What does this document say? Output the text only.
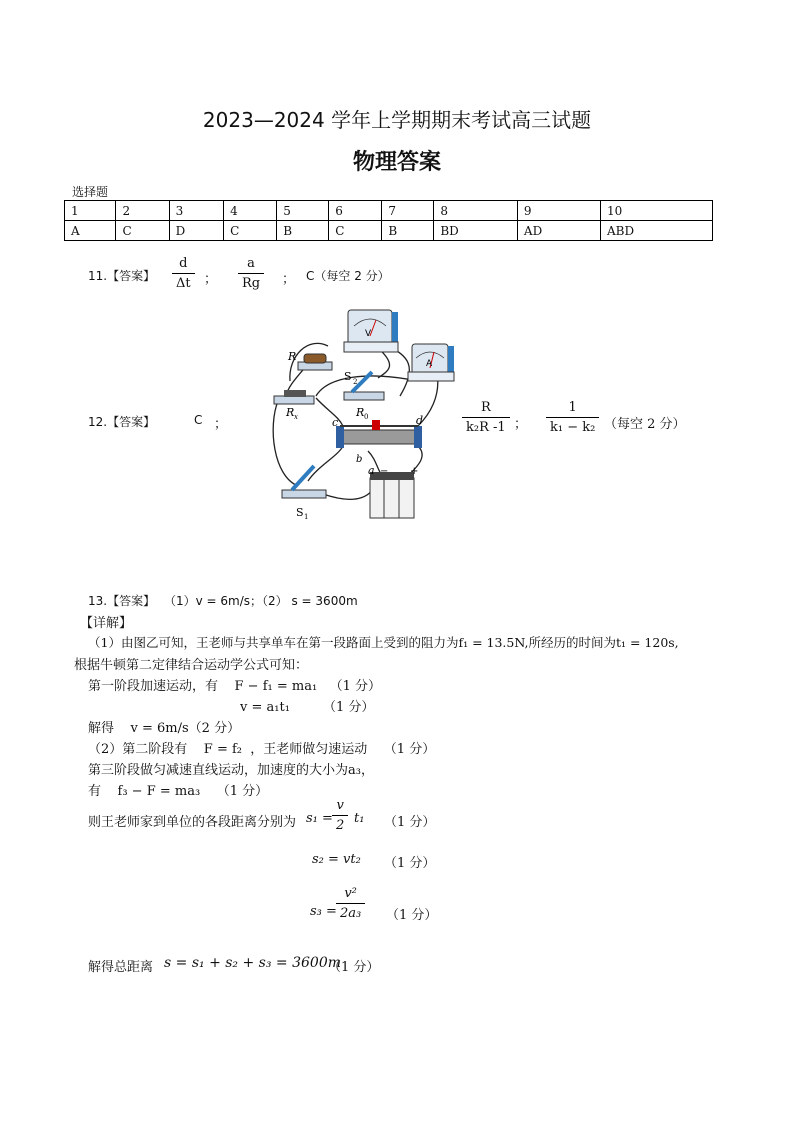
2023—2024 学年上学期期末考试高三试题
物理答案
选择题
1	2	3	4	5	6	7	8	9	10
A	C	D	C	B	C	B	BD	AD	ABD
11.【答案】 $\frac{d}{\Delta t}$ ； $\frac{a}{Rg}$ ； C（每空 2 分）
12.【答案】	C ；
V
A
R
S 2
R x	R 0
c	d
b
a − +
S 1
$\frac{R}{\text{k₂R -1}}$ ； $\frac{1}{\text{k₁ − k₂}}$ （每空 2 分）
13.【答案】 （1）v = 6m/s；（2） s = 3600m
【详解】
（1）由图乙可知，王老师与共享单车在第一段路面上受到的阻力为f₁ = 13.5N,所经历的时间为t₁ = 120s,
根据牛顿第二定律结合运动学公式可知：
第一阶段加速运动，有    F − f₁ = ma₁   （1 分）
v = a₁t₁        （1 分）
解得    v = 6m/s（2 分）
（2）第二阶段有    F = f₂  ，王老师做匀速运动    （1 分）
第三阶段做匀减速直线运动，加速度的大小为a₃，
有    f₃ − F = ma₃    （1 分）
则王老师家到单位的各段距离分别为 $s_1 = \frac{v}{2} t_1$ （1 分）
s₂ = vt₂ （1 分）
$s_3 = \frac{\text{v²}}{\text{2a₃}} (1$ 分）
解得总距离 s = s₁ + s₂ + s₃ = 3600m
（1 分）
